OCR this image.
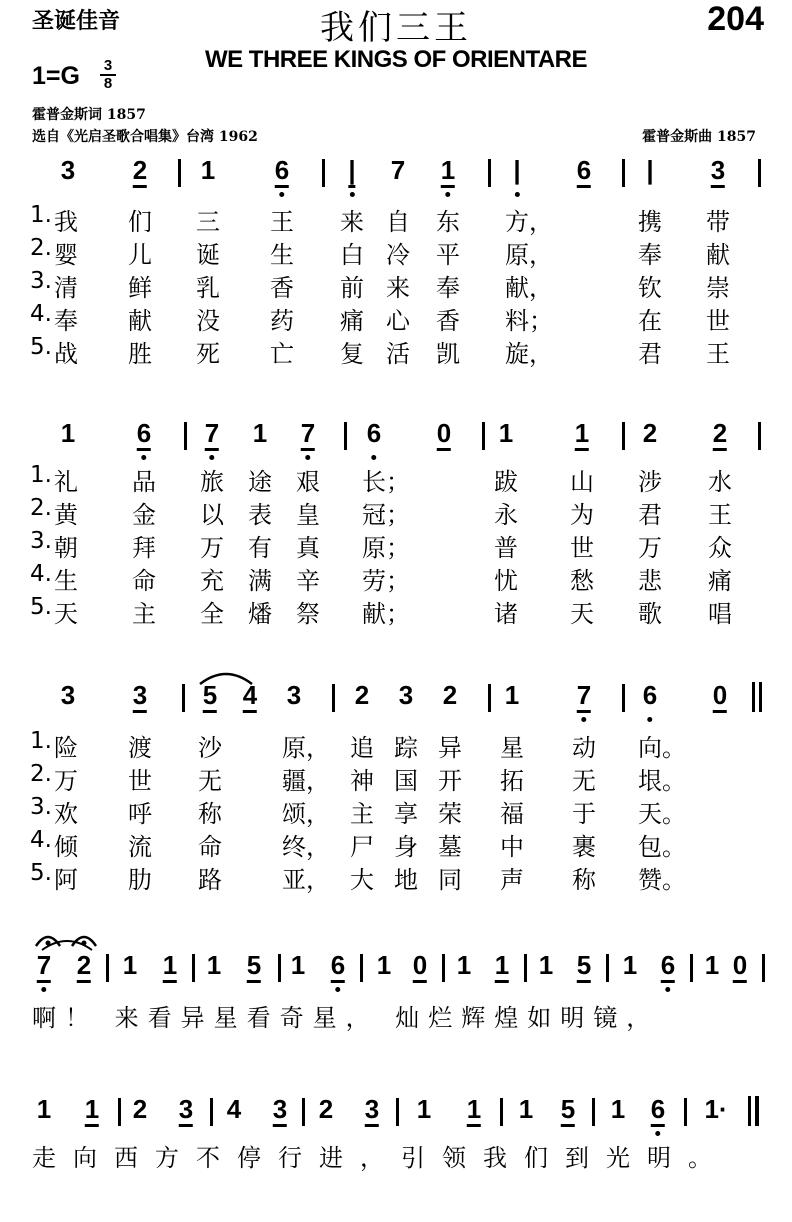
圣诞佳音	我们三王	204
WE THREE KINGS OF ORIENTARE
1=G 3
8
霍普金斯词 1857
选自《光启圣歌合唱集》台湾 1962	霍普金斯曲 1857
3 2 1 6 | 7 1 | 6 | 3
1. 我 们 三 王 来 自 东 方，	携 带
2. 婴 儿 诞 生 白 冷 平 原，	奉 献
3. 清 鲜 乳 香 前 来 奉 献，	钦 崇
4. 奉 献 没 药 痛 心 香 料；	在 世
5. 战 胜 死 亡 复 活 凯 旋，	君 王
1 6 7 1 7 6 0 1 1 2 2
1. 礼 品 旅 途 艰 长；	跋 山 涉 水
2. 黄 金 以 表 皇 冠；	永 为 君 王
3. 朝 拜 万 有 真 原；	普 世 万 众
4. 生 命 充 满 辛 劳；	忧 愁 悲 痛
5. 天 主 全 燔 祭 献；	诸 天 歌 唱
3 3 5 4 3 2 3 2 1 7 6 0
1. 险 渡 沙	原， 追 踪 异 星 动 向。
2. 万 世 无	疆， 神 国 开 拓 无 垠。
3. 欢 呼 称	颂， 主 享 荣 福 于 天。
4. 倾 流 命	终， 尸 身 墓 中 裹 包。
5. 阿 肋 路	亚， 大 地 同 声 称 赞。
7 2 1 1 1 5 1 6 1 0 1 1 1 5 1 6 1 0
啊！ 来看异星看奇星， 灿烂辉煌如明镜，
1 1 2 3 4 3 2 3 1 1 1 5 1 6 1·
走向西方不停行进，引领我们到光明。
